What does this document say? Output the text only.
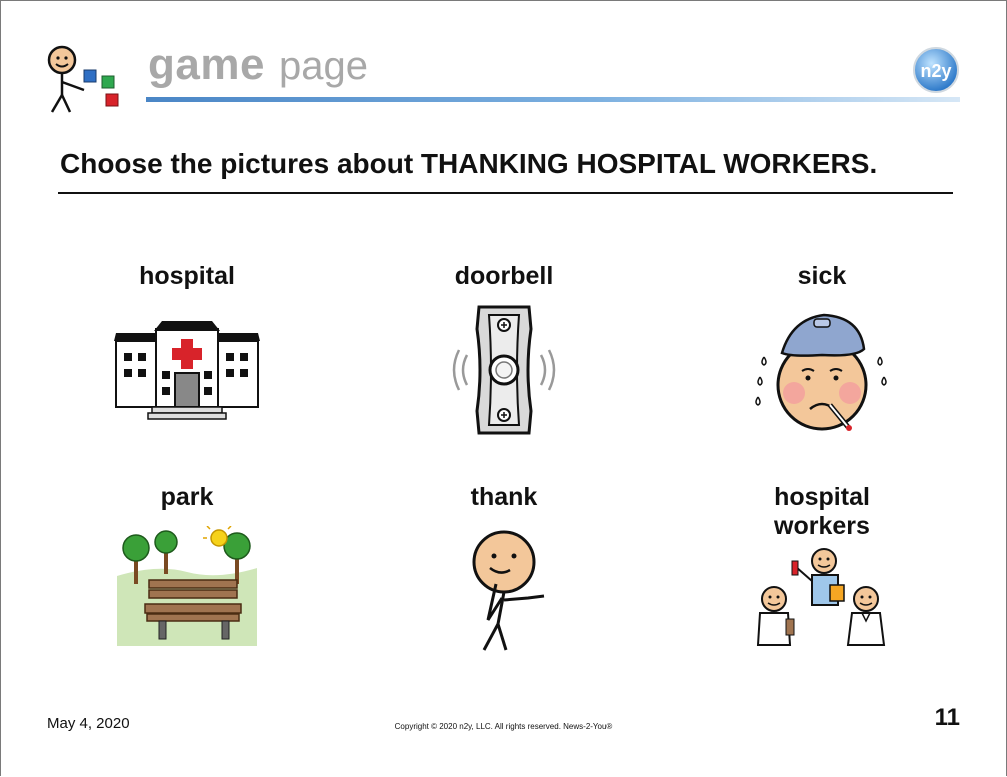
game page	n2y
Choose the pictures about THANKING HOSPITAL WORKERS.
hospital	doorbell	sick
park	thank	hospital
workers
May 4, 2020	Copyright © 2020 n2y, LLC. All rights reserved. News-2-You®	11
